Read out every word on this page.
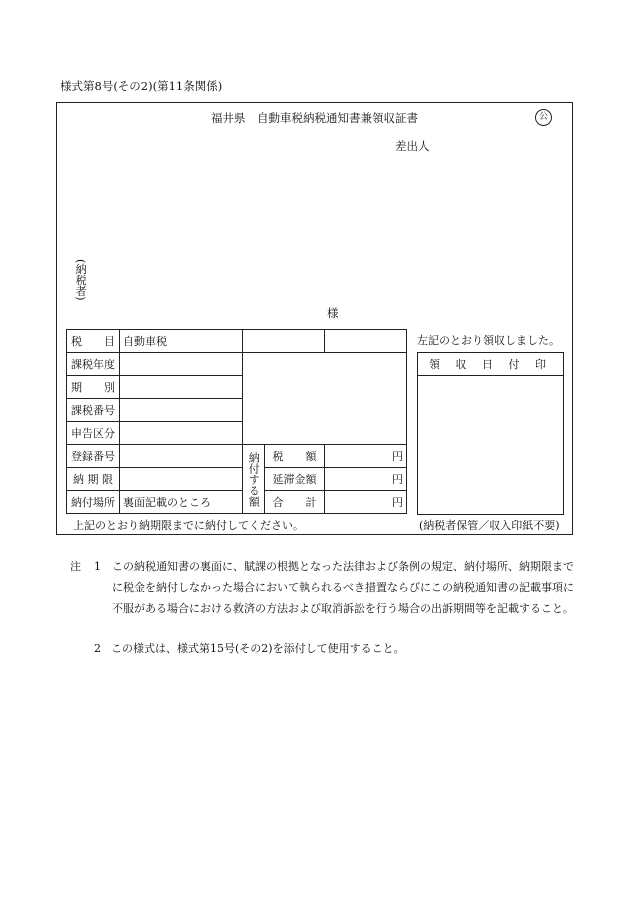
様式第8号(その2)(第11条関係)
福井県　自動車税納税通知書兼領収証書	公
差出人
(納税者)
様
税　　目	自動車税			
課税年度				
期　　別				
課税番号				
申告区分				
登録番号		納付する額	税　　額	円
納 期 限			延滞金額	円
納付場所	裏面記載のところ		合　　計	円
左記のとおり領収しました。
領 収 日 付 印
上記のとおり納期限までに納付してください。	(納税者保管／収入印紙不要)
注 1 この納税通知書の裏面に、賦課の根拠となった法律および条例の規定、納付場所、納期限までに税金を納付しなかった場合において執られるべき措置ならびにこの納税通知書の記載事項に不服がある場合における救済の方法および取消訴訟を行う場合の出訴期間等を記載すること。
2 この様式は、様式第15号(その2)を添付して使用すること。
